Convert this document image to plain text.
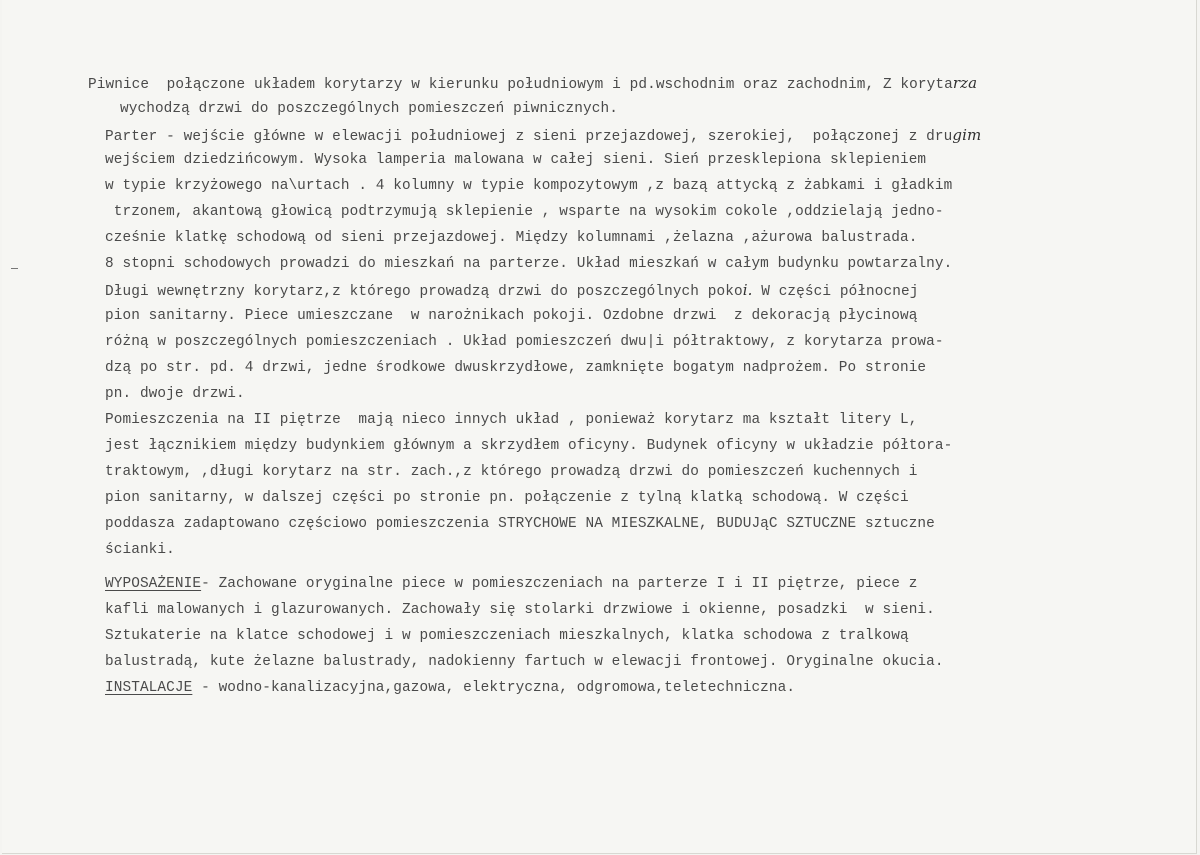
Piwnice  połączone układem korytarzy w kierunku południowym i pd.wschodnim oraz zachodnim, Z korytarza
wychodzą drzwi do poszczególnych pomieszczeń piwnicznych.
Parter - wejście główne w elewacji południowej z sieni przejazdowej, szerokiej,  połączonej z drugim
wejściem dziedzińcowym. Wysoka lamperia malowana w całej sieni. Sień przesklepiona sklepieniem
w typie krzyżowego na\urtach . 4 kolumny w typie kompozytowym ,z bazą attycką z żabkami i gładkim
trzonem, akantową głowicą podtrzymują sklepienie , wsparte na wysokim cokole ,oddzielają jedno-
cześnie klatkę schodową od sieni przejazdowej. Między kolumnami ,żelazna ,ażurowa balustrada.
8 stopni schodowych prowadzi do mieszkań na parterze. Układ mieszkań w całym budynku powtarzalny.
Długi wewnętrzny korytarz,z którego prowadzą drzwi do poszczególnych pokoi. W części północnej
pion sanitarny. Piece umieszczane  w narożnikach pokoji. Ozdobne drzwi  z dekoracją płycinową
różną w poszczególnych pomieszczeniach . Układ pomieszczeń dwu|i półtraktowy, z korytarza prowa-
dzą po str. pd. 4 drzwi, jedne środkowe dwuskrzydłowe, zamknięte bogatym nadprożem. Po stronie
pn. dwoje drzwi.
Pomieszczenia na II piętrze  mają nieco innych układ , ponieważ korytarz ma kształt litery L,
jest łącznikiem między budynkiem głównym a skrzydłem oficyny. Budynek oficyny w układzie półtora-
traktowym, ,długi korytarz na str. zach.,z którego prowadzą drzwi do pomieszczeń kuchennych i
pion sanitarny, w dalszej części po stronie pn. połączenie z tylną klatką schodową. W części
poddasza zadaptowano częściowo pomieszczenia STRYCHOWE NA MIESZKALNE, BUDUJąC SZTUCZNE sztuczne
ścianki.
WYPOSAŻENIE- Zachowane oryginalne piece w pomieszczeniach na parterze I i II piętrze, piece z
kafli malowanych i glazurowanych. Zachowały się stolarki drzwiowe i okienne, posadzki  w sieni.
Sztukaterie na klatce schodowej i w pomieszczeniach mieszkalnych, klatka schodowa z tralkową
balustradą, kute żelazne balustrady, nadokienny fartuch w elewacji frontowej. Oryginalne okucia.
INSTALACJE - wodno-kanalizacyjna,gazowa, elektryczna, odgromowa,teletechniczna.
